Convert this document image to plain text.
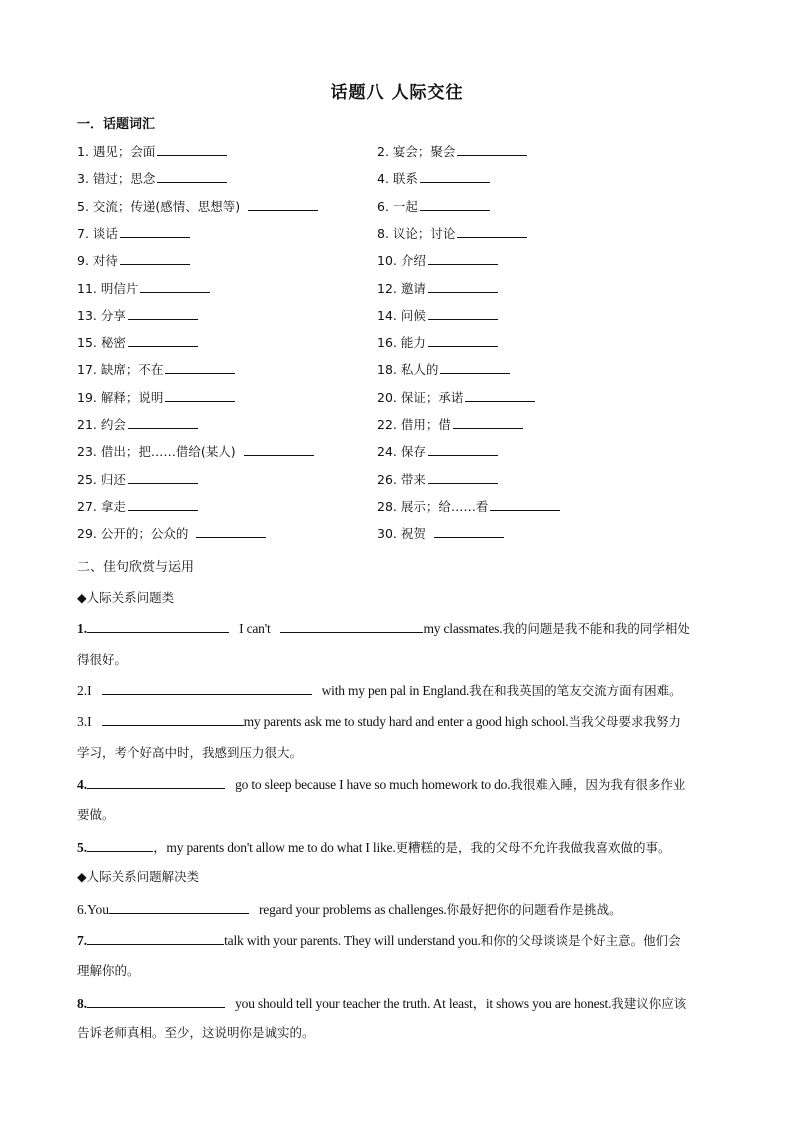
话题八 人际交往
一．话题词汇
1. 遇见；会面	2. 宴会；聚会
3. 错过；思念	4. 联系
5. 交流；传递(感情、思想等)	6. 一起
7. 谈话	8. 议论；讨论
9. 对待	10. 介绍
11. 明信片	12. 邀请
13. 分享	14. 问候
15. 秘密	16. 能力
17. 缺席；不在	18. 私人的
19. 解释；说明	20. 保证；承诺
21. 约会	22. 借用；借
23. 借出；把……借给(某人)	24. 保存
25. 归还	26. 带来
27. 拿走	28. 展示；给……看
29. 公开的；公众的	30. 祝贺
二、佳句欣赏与运用
◆人际关系问题类
1.	I can't	my classmates.我的问题是我不能和我的同学相处
得很好。
2.I	with my pen pal in England.我在和我英国的笔友交流方面有困难。
3.I	my parents ask me to study hard and enter a good high school.当我父母要求我努力
学习，考个好高中时，我感到压力很大。
4.	go to sleep because I have so much homework to do.我很难入睡，因为我有很多作业
要做。
5.	，my parents don't allow me to do what I like.更糟糕的是，我的父母不允许我做我喜欢做的事。
◆人际关系问题解决类
6.You	regard your problems as challenges.你最好把你的问题看作是挑战。
7.	talk with your parents. They will understand you.和你的父母谈谈是个好主意。他们会
理解你的。
8.	you should tell your teacher the truth. At least，it shows you are honest.我建议你应该
告诉老师真相。至少，这说明你是诚实的。
